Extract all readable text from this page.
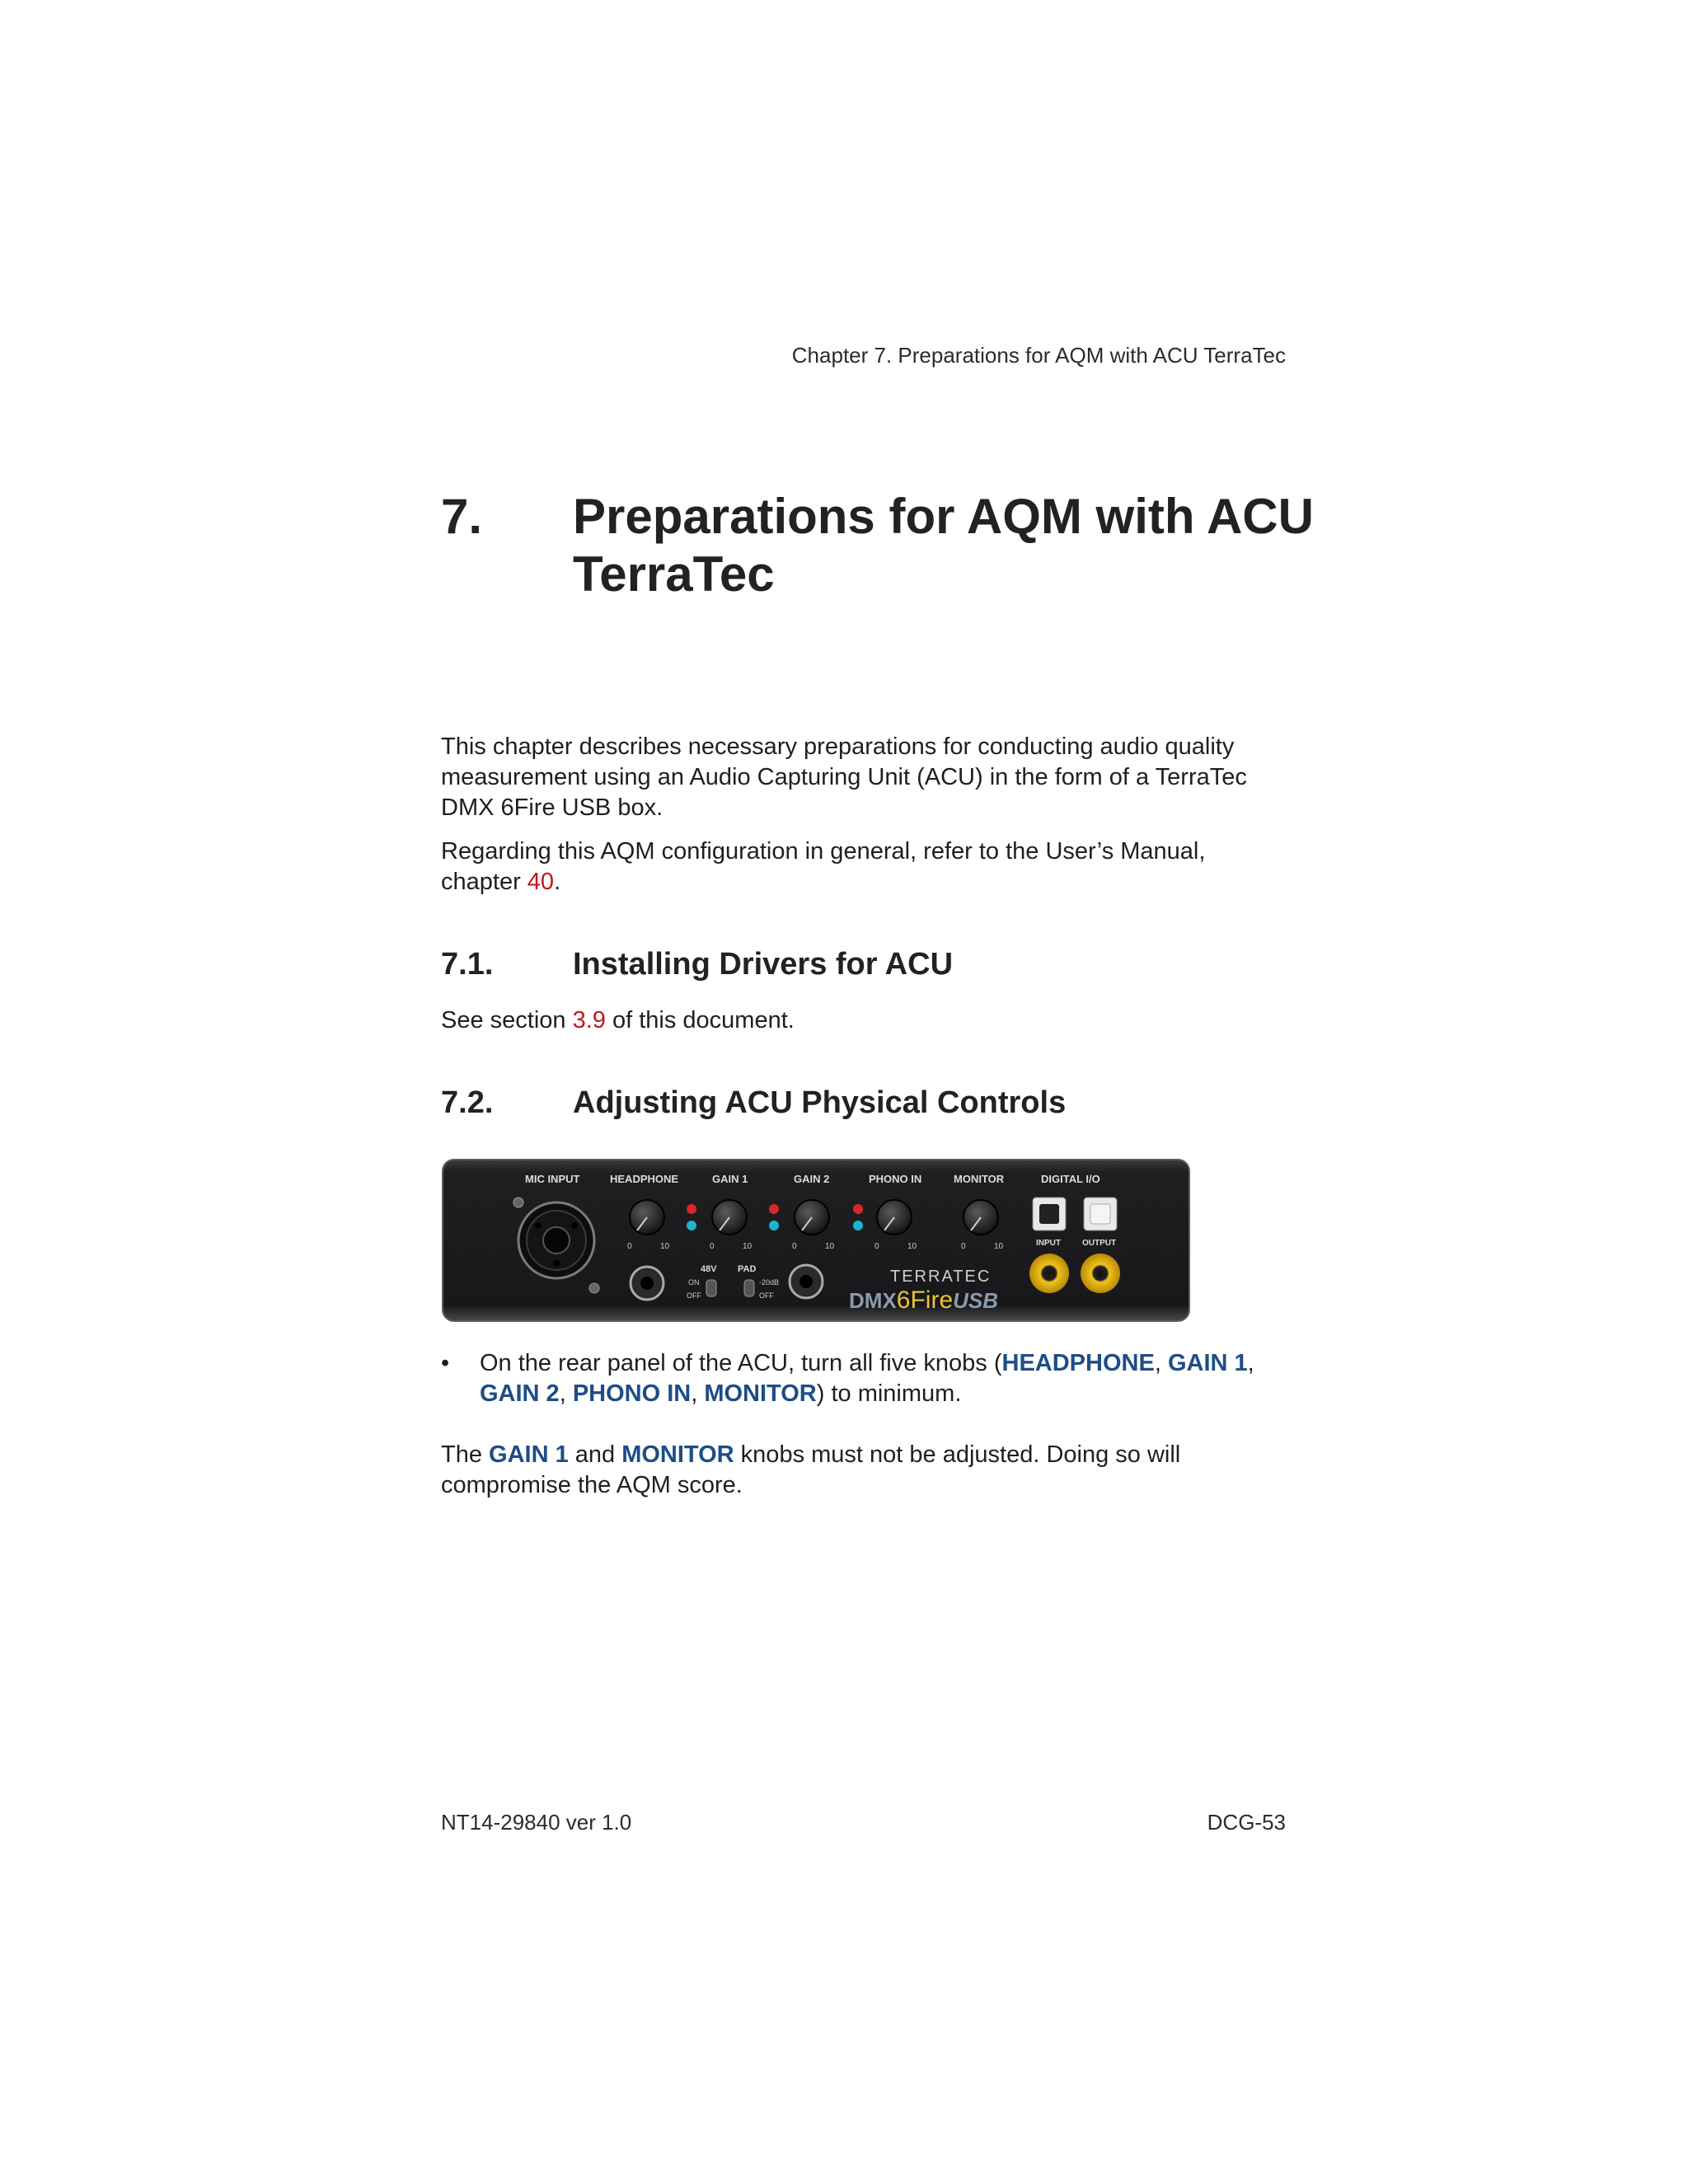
Chapter 7. Preparations for AQM with ACU TerraTec
7. Preparations for AQM with ACU TerraTec

This chapter describes necessary preparations for conducting audio quality measurement using an Audio Capturing Unit (ACU) in the form of a TerraTec DMX 6Fire USB box.

Regarding this AQM configuration in general, refer to the User’s Manual, chapter 40.

7.1.	Installing Drivers for ACU
See section 3.9 of this document.
7.2.	Adjusting ACU Physical Controls
MIC INPUT	HEADPHONE	GAIN 1	GAIN 2	PHONO IN	MONITOR	DIGITAL I/O
0	10	0	10
48V PAD
ON
OFF
-20dB
OFF
0	10	0	10	0	10
TERRATEC
DMX6FireUSB
INPUT	OUTPUT
• On the rear panel of the ACU, turn all five knobs (HEADPHONE, GAIN 1, GAIN 2, PHONO IN, MONITOR) to minimum.
The GAIN 1 and MONITOR knobs must not be adjusted. Doing so will compromise the AQM score.
NT14-29840 ver 1.0	DCG-53
